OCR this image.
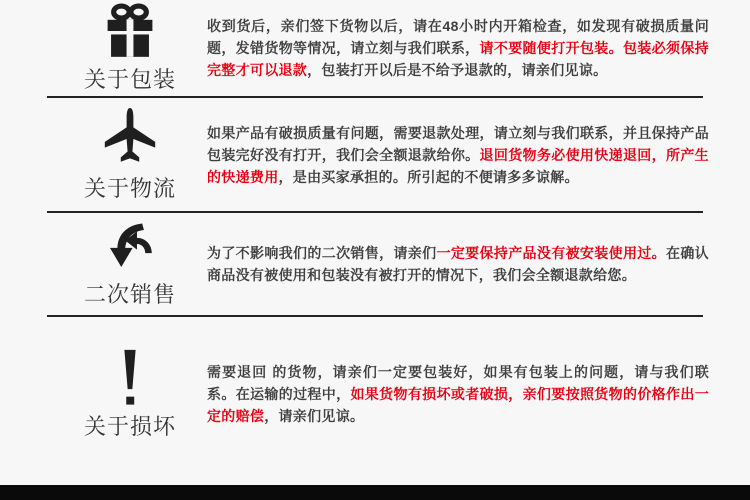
关于包装

收到货后，亲们签下货物以后，请在48小时内开箱检查，如发现有破损质量问题，发错货物等情况，请立刻与我们联系，请不要随便打开包装。包装必须保持完整才可以退款，包装打开以后是不给予退款的，请亲们见谅。

关于物流

如果产品有破损质量有问题，需要退款处理，请立刻与我们联系，并且保持产品包装完好没有打开，我们会全额退款给你。退回货物务必使用快递退回，所产生的快递费用，是由买家承担的。所引起的不便请多多谅解。

二次销售

为了不影响我们的二次销售，请亲们一定要保持产品没有被安装使用过。在确认商品没有被使用和包装没有被打开的情况下，我们会全额退款给您。

关于损坏

需要退回 的货物，请亲们一定要包装好，如果有包装上的问题，请与我们联系。在运输的过程中，如果货物有损坏或者破损，亲们要按照货物的价格作出一定的赔偿，请亲们见谅。
